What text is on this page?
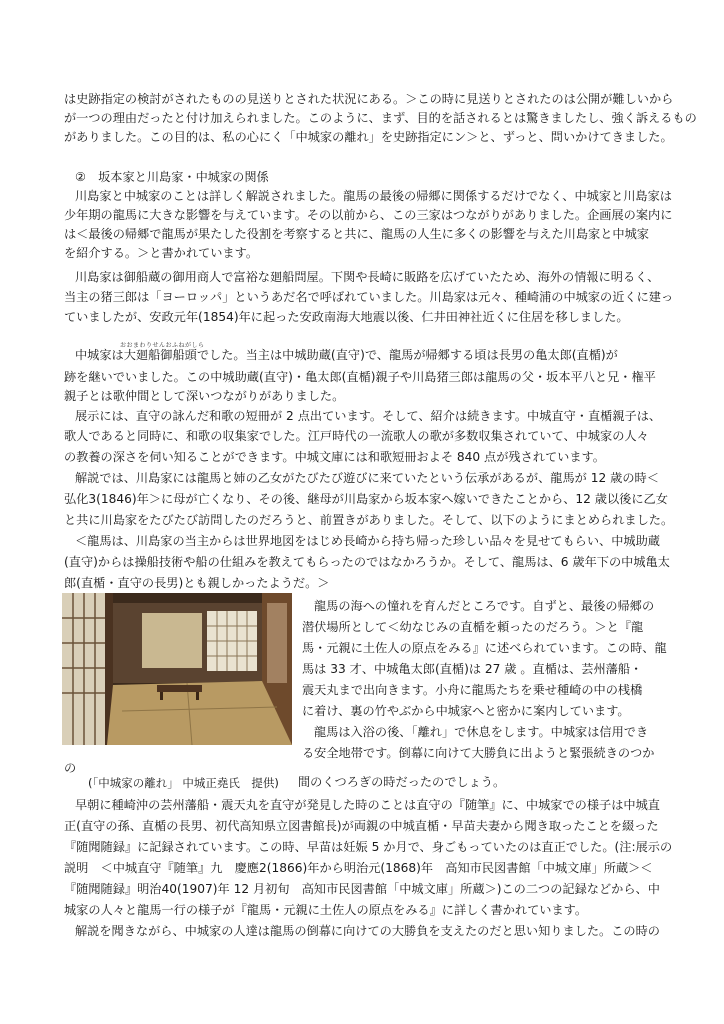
は史跡指定の検討がされたものの見送りとされた状況にある。＞この時に見送りとされたのは公開が難しいから
が一つの理由だったと付け加えられました。このように、まず、目的を話されるとは驚きましたし、強く訴えるもの
がありました。この目的は、私の心にく「中城家の離れ」を史跡指定にン＞と、ずっと、問いかけてきました。
②　坂本家と川島家・中城家の関係
川島家と中城家のことは詳しく解説されました。龍馬の最後の帰郷に関係するだけでなく、中城家と川島家は
少年期の龍馬に大きな影響を与えています。その以前から、この三家はつながりがありました。企画展の案内に
は＜最後の帰郷で龍馬が果たした役割を考察すると共に、龍馬の人生に多くの影響を与えた川島家と中城家
を紹介する。＞と書かれています。
川島家は御船蔵の御用商人で富裕な廻船問屋。下関や長崎に販路を広げていたため、海外の情報に明るく、
当主の猪三郎は「ヨーロッパ」というあだ名で呼ばれていました。川島家は元々、種崎浦の中城家の近くに建っ
ていましたが、安政元年(1854)年に起った安政南海大地震以後、仁井田神社近くに住居を移しました。
おおまわりせんおふねがしら
中城家は大廻船御船頭でした。当主は中城助蔵(直守)で、龍馬が帰郷する頃は長男の亀太郎(直楯)が
跡を継いでいました。この中城助蔵(直守)・亀太郎(直楯)親子や川島猪三郎は龍馬の父・坂本平八と兄・権平
親子とは歌仲間として深いつながりがありました。
展示には、直守の詠んだ和歌の短冊が 2 点出ています。そして、紹介は続きます。中城直守・直楯親子は、
歌人であると同時に、和歌の収集家でした。江戸時代の一流歌人の歌が多数収集されていて、中城家の人々
の教養の深さを伺い知ることができます。中城文庫には和歌短冊およそ 840 点が残されています。
解説では、川島家には龍馬と姉の乙女がたびたび遊びに来ていたという伝承があるが、龍馬が 12 歳の時＜
弘化3(1846)年＞に母が亡くなり、その後、継母が川島家から坂本家へ嫁いできたことから、12 歳以後に乙女
と共に川島家をたびたび訪問したのだろうと、前置きがありました。そして、以下のようにまとめられました。
＜龍馬は、川島家の当主からは世界地図をはじめ長崎から持ち帰った珍しい品々を見せてもらい、中城助蔵
(直守)からは操船技術や船の仕組みを教えてもらったのではなかろうか。そして、龍馬は、6 歳年下の中城亀太
郎(直楯・直守の長男)とも親しかったようだ。＞
龍馬の海への憧れを育んだところです。自ずと、最後の帰郷の
潜伏場所として＜幼なじみの直楯を頼ったのだろう。＞と『龍
馬・元親に土佐人の原点をみる』に述べられています。この時、龍
馬は 33 才、中城亀太郎(直楯)は 27 歳 。直楯は、芸州藩船・
震天丸まで出向きます。小舟に龍馬たちを乗せ種崎の中の桟橋
に着け、裏の竹やぶから中城家へと密かに案内しています。
龍馬は入浴の後、「離れ」で休息をします。中城家は信用でき
る安全地帯です。倒幕に向けて大勝負に出ようと緊張続きのつか
の
(「中城家の離れ」 中城正堯氏　提供) 間のくつろぎの時だったのでしょう。
早朝に種崎沖の芸州藩船・震天丸を直守が発見した時のことは直守の『随筆』に、中城家での様子は中城直
正(直守の孫、直楯の長男、初代高知県立図書館長)が両親の中城直楯・早苗夫妻から聞き取ったことを綴った
『随聞随録』に記録されています。この時、早苗は妊娠 5 か月で、身ごもっていたのは直正でした。(注:展示の
説明　＜中城直守『随筆』九　慶應2(1866)年から明治元(1868)年　高知市民図書館「中城文庫」所蔵＞＜
『随聞随録』明治40(1907)年 12 月初旬　高知市民図書館「中城文庫」所蔵＞)この二つの記録などから、中
城家の人々と龍馬一行の様子が『龍馬・元親に土佐人の原点をみる』に詳しく書かれています。
解説を聞きながら、中城家の人達は龍馬の倒幕に向けての大勝負を支えたのだと思い知りました。この時の
